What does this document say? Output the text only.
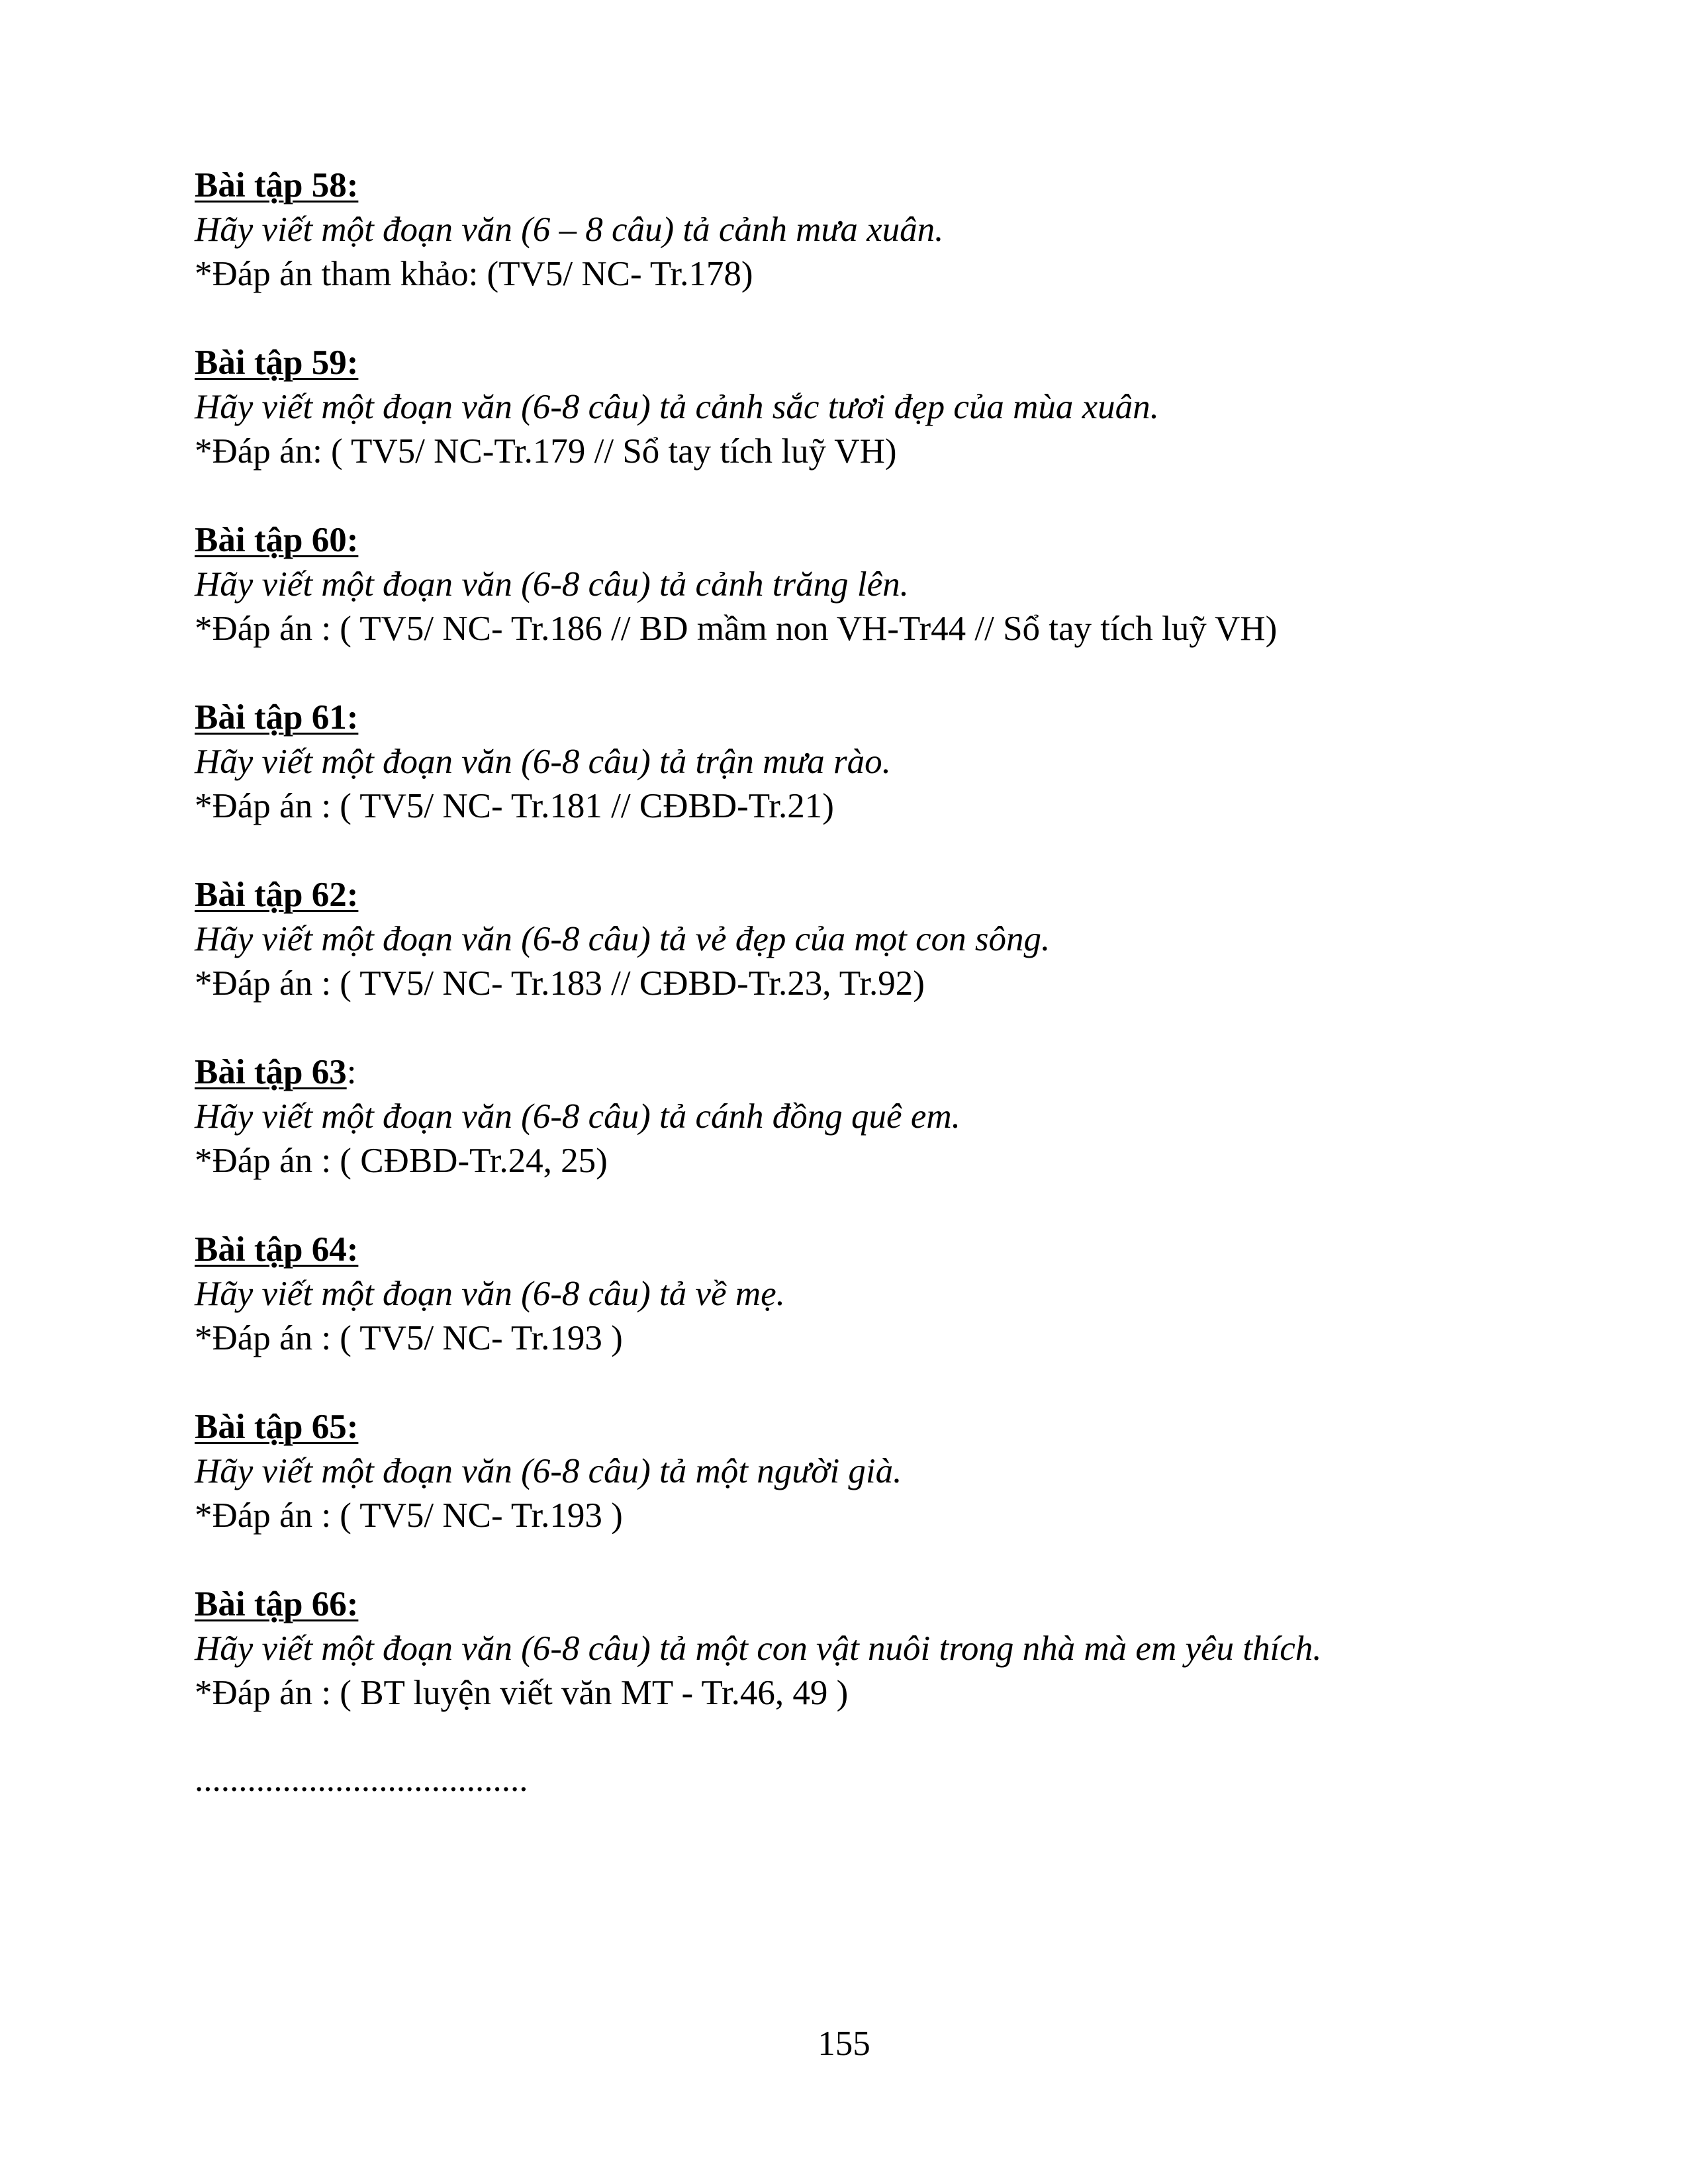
Bài tập 58:
Hãy viết một đoạn văn (6 – 8 câu) tả cảnh mưa xuân.
*Đáp án tham khảo: (TV5/ NC- Tr.178)
Bài tập 59:
Hãy viết một đoạn văn (6-8 câu) tả cảnh sắc tươi đẹp của mùa xuân.
*Đáp án: ( TV5/ NC-Tr.179 // Sổ tay tích luỹ VH)
Bài tập 60:
Hãy viết một đoạn văn (6-8 câu) tả cảnh trăng lên.
*Đáp án : ( TV5/ NC- Tr.186 // BD mầm non VH-Tr44 // Sổ tay tích luỹ VH)
Bài tập 61:
Hãy viết một đoạn văn (6-8 câu) tả trận mưa rào.
*Đáp án : ( TV5/ NC- Tr.181 // CĐBD-Tr.21)
Bài tập 62:
Hãy viết một đoạn văn (6-8 câu) tả vẻ đẹp của mọt con sông.
*Đáp án : ( TV5/ NC- Tr.183 // CĐBD-Tr.23, Tr.92)
Bài tập 63:
Hãy viết một đoạn văn (6-8 câu) tả cánh đồng quê em.
*Đáp án : ( CĐBD-Tr.24, 25)
Bài tập 64:
Hãy viết một đoạn văn (6-8 câu) tả về mẹ.
*Đáp án : ( TV5/ NC- Tr.193 )
Bài tập 65:
Hãy viết một đoạn văn (6-8 câu) tả một người già.
*Đáp án : ( TV5/ NC- Tr.193 )
Bài tập 66:
Hãy viết một đoạn văn (6-8 câu) tả một con vật nuôi trong nhà mà em yêu thích.
*Đáp án : ( BT luyện viết văn MT - Tr.46, 49 )
......................................
155
